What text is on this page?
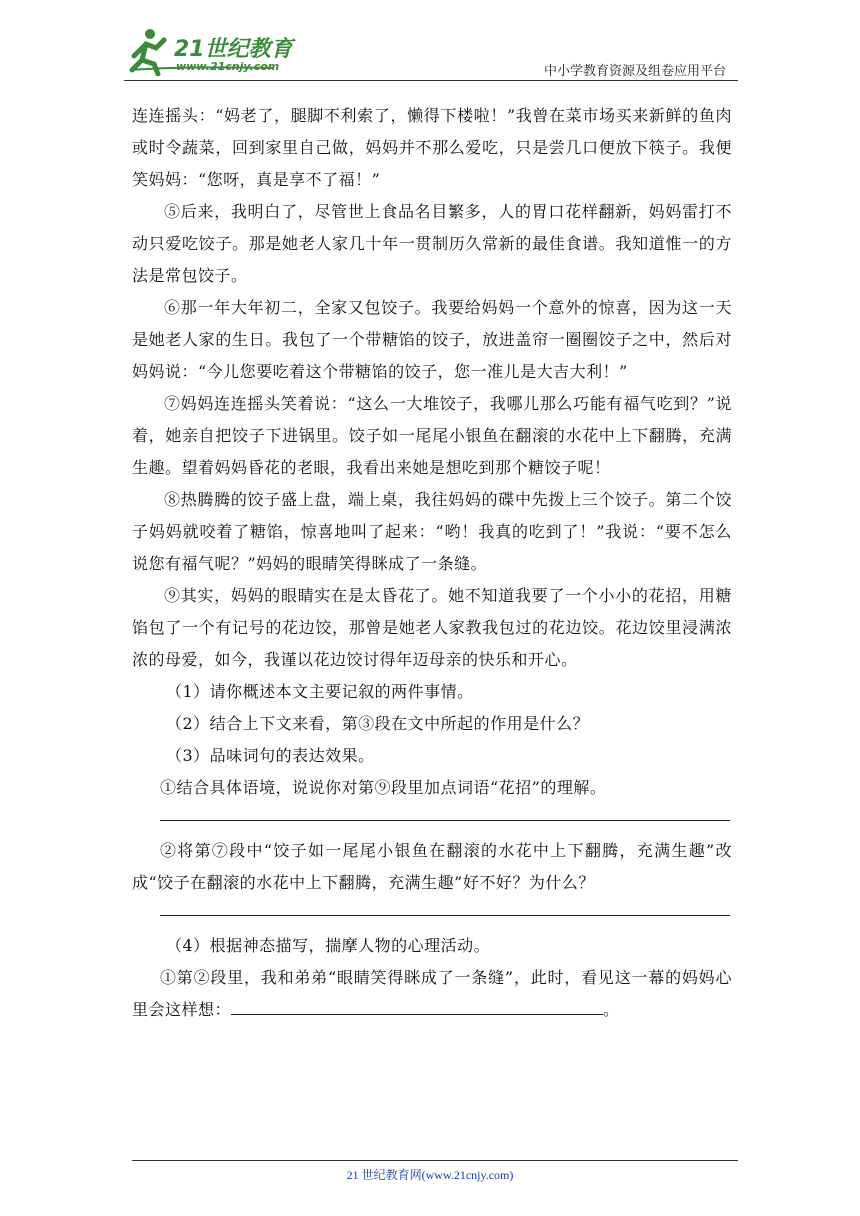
21世纪教育
www.21cnjy.com	中小学教育资源及组卷应用平台

连连摇头：“妈老了，腿脚不利索了，懒得下楼啦！”我曾在菜市场买来新鲜的鱼肉或时令蔬菜，回到家里自己做，妈妈并不那么爱吃，只是尝几口便放下筷子。我便笑妈妈：“您呀，真是享不了福！”

⑤后来，我明白了，尽管世上食品名目繁多，人的胃口花样翻新，妈妈雷打不动只爱吃饺子。那是她老人家几十年一贯制历久常新的最佳食谱。我知道惟一的方法是常包饺子。

⑥那一年大年初二，全家又包饺子。我要给妈妈一个意外的惊喜，因为这一天是她老人家的生日。我包了一个带糖馅的饺子，放进盖帘一圈圈饺子之中，然后对妈妈说：“今儿您要吃着这个带糖馅的饺子，您一准儿是大吉大利！”

⑦妈妈连连摇头笑着说：“这么一大堆饺子，我哪儿那么巧能有福气吃到？”说着，她亲自把饺子下进锅里。饺子如一尾尾小银鱼在翻滚的水花中上下翻腾，充满生趣。望着妈妈昏花的老眼，我看出来她是想吃到那个糖饺子呢！

⑧热腾腾的饺子盛上盘，端上桌，我往妈妈的碟中先拨上三个饺子。第二个饺子妈妈就咬着了糖馅，惊喜地叫了起来：“哟！我真的吃到了！”我说：“要不怎么说您有福气呢？”妈妈的眼睛笑得眯成了一条缝。

⑨其实，妈妈的眼睛实在是太昏花了。她不知道我要了一个小小的花招，用糖馅包了一个有记号的花边饺，那曾是她老人家教我包过的花边饺。花边饺里浸满浓浓的母爱，如今，我谨以花边饺讨得年迈母亲的快乐和开心。

（1）请你概述本文主要记叙的两件事情。

（2）结合上下文来看，第③段在文中所起的作用是什么？

（3）品味词句的表达效果。

①结合具体语境，说说你对第⑨段里加点词语“花招”的理解。

②将第⑦段中“饺子如一尾尾小银鱼在翻滚的水花中上下翻腾，充满生趣”改成“饺子在翻滚的水花中上下翻腾，充满生趣”好不好？为什么？

（4）根据神态描写，揣摩人物的心理活动。

①第②段里，我和弟弟“眼睛笑得眯成了一条缝”，此时，看见这一幕的妈妈心里会这样想：	。

21 世纪教育网(www.21cnjy.com)
